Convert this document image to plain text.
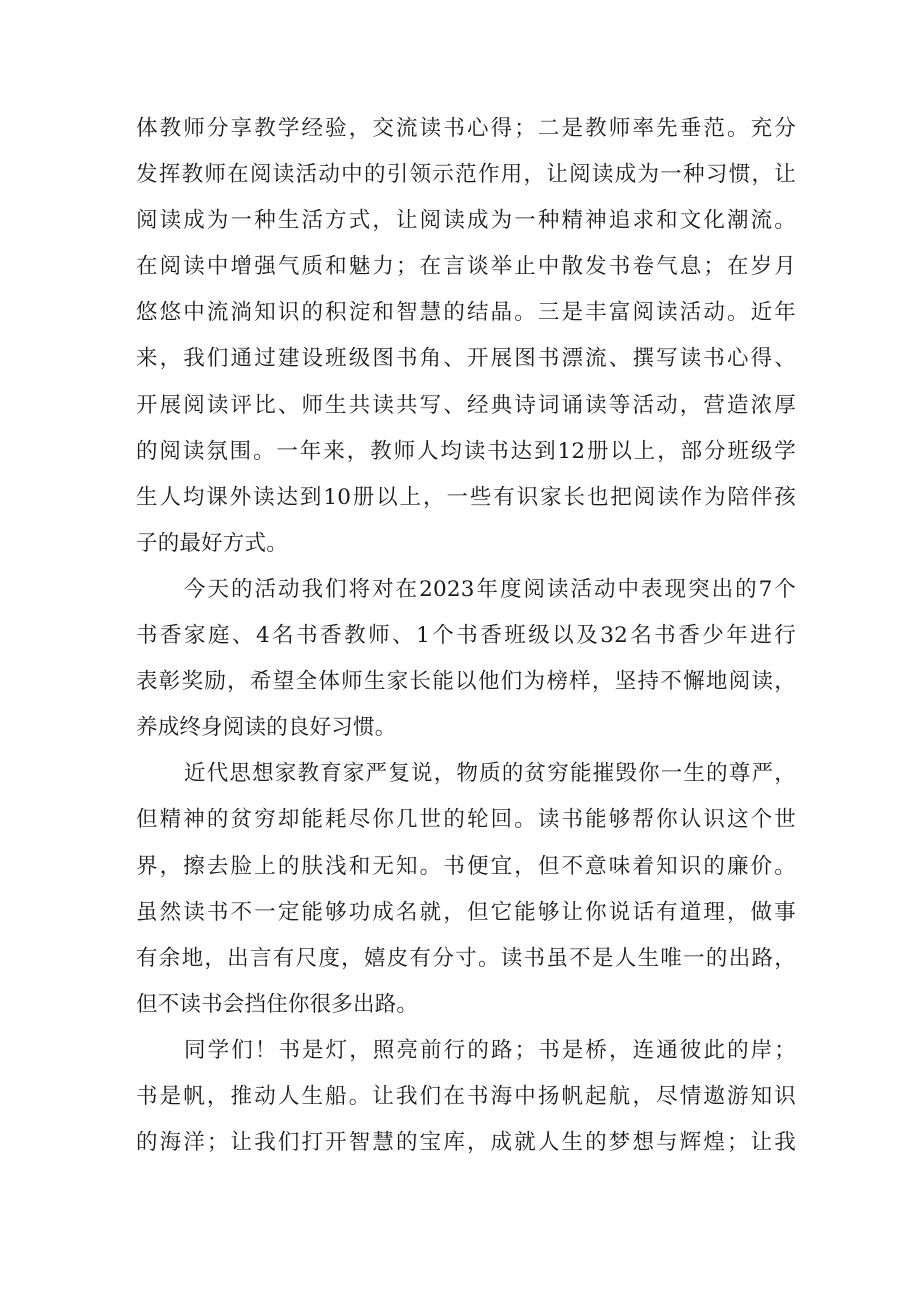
体教师分享教学经验，交流读书心得；二是教师率先垂范。充分
发挥教师在阅读活动中的引领示范作用，让阅读成为一种习惯，让
阅读成为一种生活方式，让阅读成为一种精神追求和文化潮流。
在阅读中增强气质和魅力；在言谈举止中散发书卷气息；在岁月
悠悠中流淌知识的积淀和智慧的结晶。三是丰富阅读活动。近年
来，我们通过建设班级图书角、开展图书漂流、撰写读书心得、
开展阅读评比、师生共读共写、经典诗词诵读等活动，营造浓厚
的阅读氛围。一年来，教师人均读书达到12册以上，部分班级学
生人均课外读达到10册以上，一些有识家长也把阅读作为陪伴孩
子的最好方式。
今天的活动我们将对在2023年度阅读活动中表现突出的7个
书香家庭、4名书香教师、1个书香班级以及32名书香少年进行
表彰奖励，希望全体师生家长能以他们为榜样，坚持不懈地阅读，
养成终身阅读的良好习惯。
近代思想家教育家严复说，物质的贫穷能摧毁你一生的尊严，
但精神的贫穷却能耗尽你几世的轮回。读书能够帮你认识这个世
界，擦去脸上的肤浅和无知。书便宜，但不意味着知识的廉价。
虽然读书不一定能够功成名就，但它能够让你说话有道理，做事
有余地，出言有尺度，嬉皮有分寸。读书虽不是人生唯一的出路，
但不读书会挡住你很多出路。
同学们！书是灯，照亮前行的路；书是桥，连通彼此的岸；
书是帆，推动人生船。让我们在书海中扬帆起航，尽情遨游知识
的海洋；让我们打开智慧的宝库，成就人生的梦想与辉煌；让我
